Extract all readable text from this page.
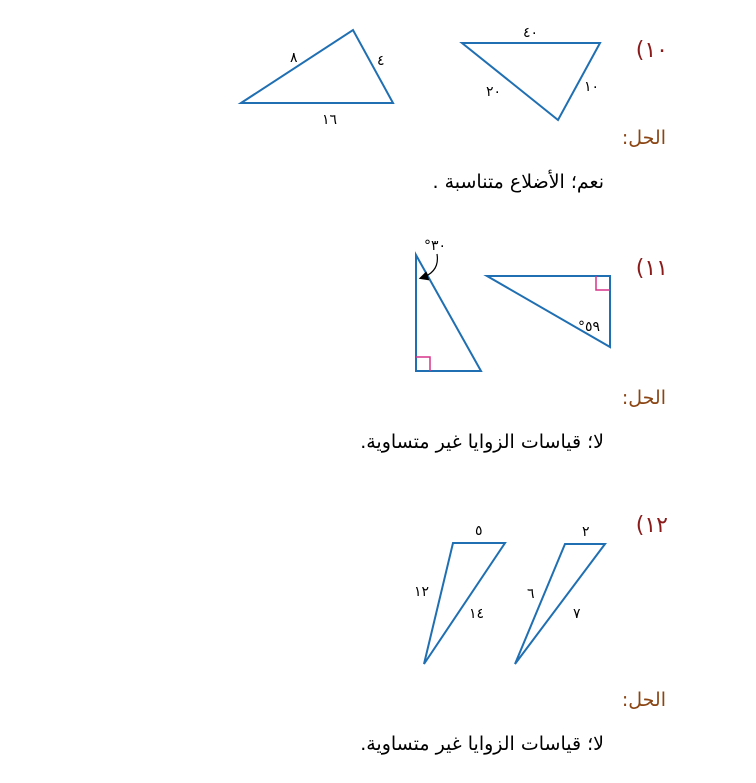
١٠)
١١)
١٢)
الحل:
الحل:
الحل:
نعم؛ الأضلاع متناسبة .
لا؛ قياسات الزوايا غير متساوية.
لا؛ قياسات الزوايا غير متساوية.
٨	٤
١٦
٤٠
٢٠	١٠
°٣٠
°٥٩
٥
١٢
١٤
٢
٦
٧
